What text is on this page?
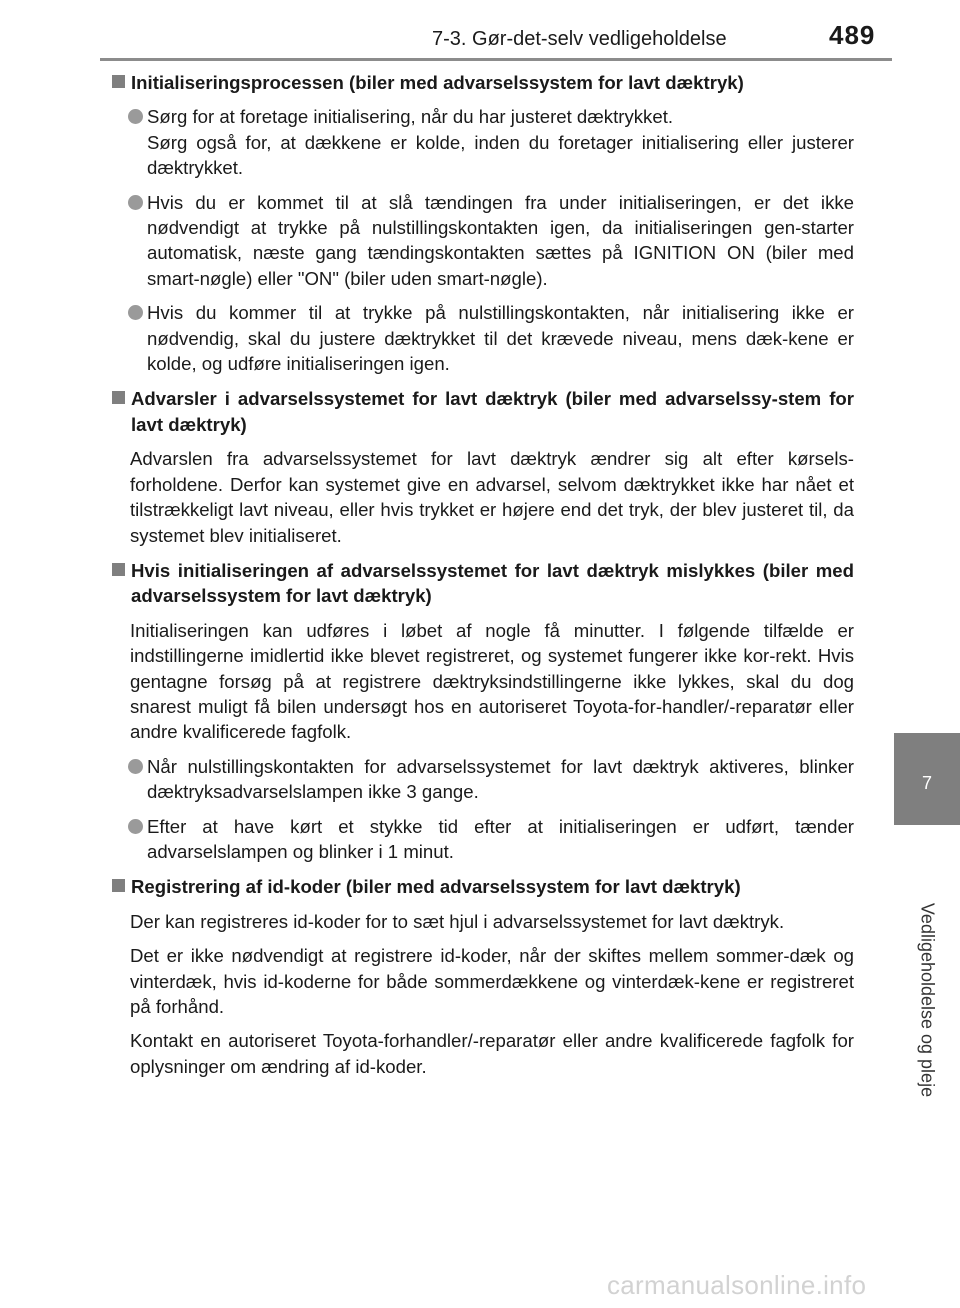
7-3. Gør-det-selv vedligeholdelse	489
7
Vedligeholdelse og pleje
Initialiseringsprocessen (biler med advarselssystem for lavt dæktryk)
Sørg for at foretage initialisering, når du har justeret dæktrykket.
Sørg også for, at dækkene er kolde, inden du foretager initialisering eller justerer dæktrykket.
Hvis du er kommet til at slå tændingen fra under initialiseringen, er det ikke nødvendigt at trykke på nulstillingskontakten igen, da initialiseringen gen-starter automatisk, næste gang tændingskontakten sættes på IGNITION ON (biler med smart-nøgle) eller "ON" (biler uden smart-nøgle).
Hvis du kommer til at trykke på nulstillingskontakten, når initialisering ikke er nødvendig, skal du justere dæktrykket til det krævede niveau, mens dæk-kene er kolde, og udføre initialiseringen igen.
Advarsler i advarselssystemet for lavt dæktryk (biler med advarselssy-stem for lavt dæktryk)
Advarslen fra advarselssystemet for lavt dæktryk ændrer sig alt efter kørsels-forholdene. Derfor kan systemet give en advarsel, selvom dæktrykket ikke har nået et tilstrækkeligt lavt niveau, eller hvis trykket er højere end det tryk, der blev justeret til, da systemet blev initialiseret.
Hvis initialiseringen af advarselssystemet for lavt dæktryk mislykkes (biler med advarselssystem for lavt dæktryk)
Initialiseringen kan udføres i løbet af nogle få minutter. I følgende tilfælde er indstillingerne imidlertid ikke blevet registreret, og systemet fungerer ikke kor-rekt. Hvis gentagne forsøg på at registrere dæktryksindstillingerne ikke lykkes, skal du dog snarest muligt få bilen undersøgt hos en autoriseret Toyota-for-handler/-reparatør eller andre kvalificerede fagfolk.
Når nulstillingskontakten for advarselssystemet for lavt dæktryk aktiveres, blinker dæktryksadvarselslampen ikke 3 gange.
Efter at have kørt et stykke tid efter at initialiseringen er udført, tænder advarselslampen og blinker i 1 minut.
Registrering af id-koder (biler med advarselssystem for lavt dæktryk)
Der kan registreres id-koder for to sæt hjul i advarselssystemet for lavt dæktryk.
Det er ikke nødvendigt at registrere id-koder, når der skiftes mellem sommer-dæk og vinterdæk, hvis id-koderne for både sommerdækkene og vinterdæk-kene er registreret på forhånd.
Kontakt en autoriseret Toyota-forhandler/-reparatør eller andre kvalificerede fagfolk for oplysninger om ændring af id-koder.
carmanualsonline.info
